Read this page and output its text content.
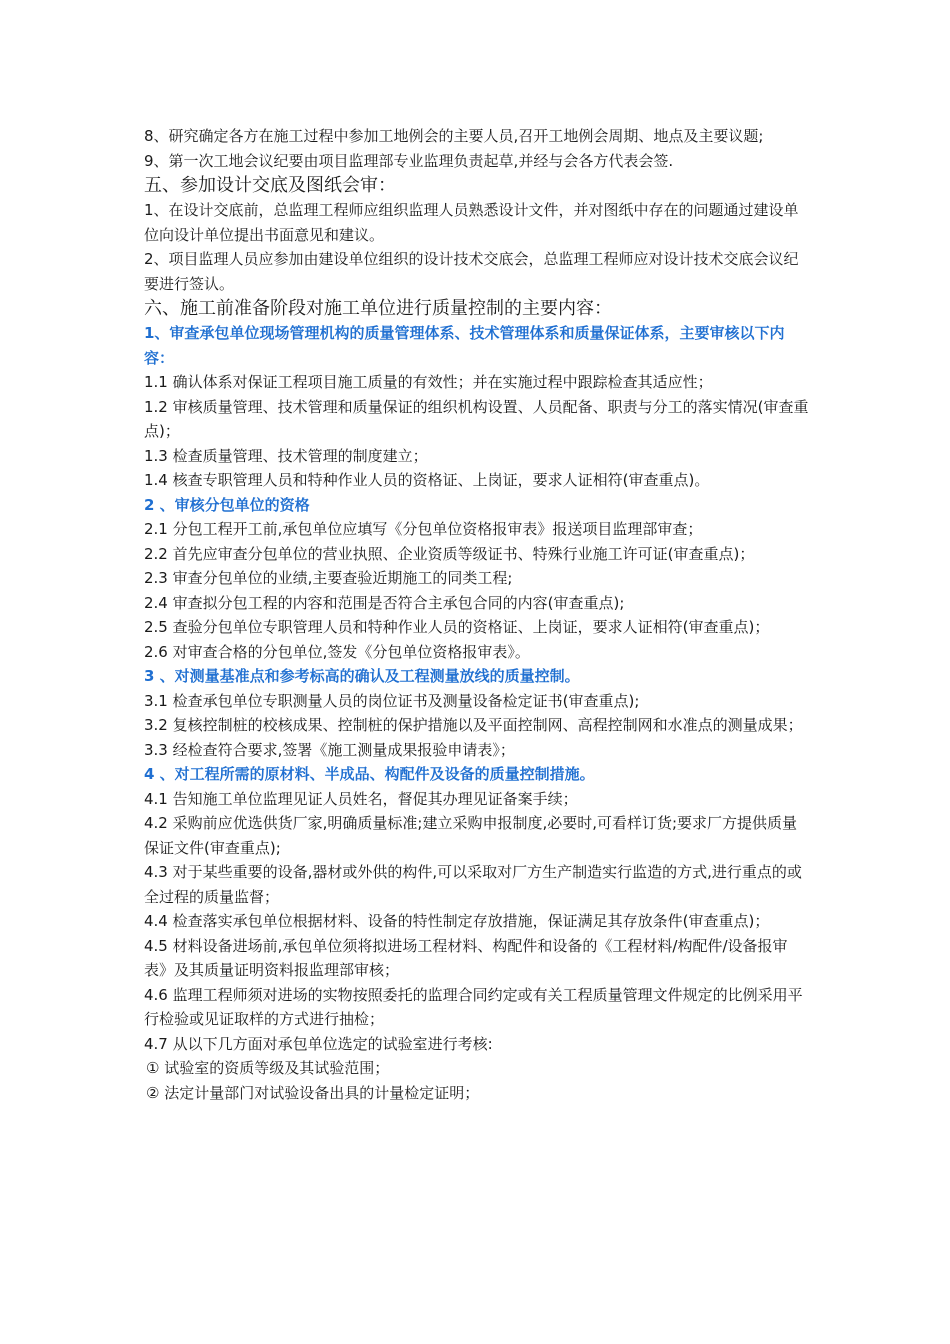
8、研究确定各方在施工过程中参加工地例会的主要人员,召开工地例会周期、地点及主要议题;

9、第一次工地会议纪要由项目监理部专业监理负责起草,并经与会各方代表会签.

五、参加设计交底及图纸会审：

1、在设计交底前，总监理工程师应组织监理人员熟悉设计文件，并对图纸中存在的问题通过建设单位向设计单位提出书面意见和建议。

2、项目监理人员应参加由建设单位组织的设计技术交底会，总监理工程师应对设计技术交底会议纪要进行签认。

六、施工前准备阶段对施工单位进行质量控制的主要内容：

1、审查承包单位现场管理机构的质量管理体系、技术管理体系和质量保证体系，主要审核以下内容：

1.1 确认体系对保证工程项目施工质量的有效性；并在实施过程中跟踪检查其适应性；

1.2 审核质量管理、技术管理和质量保证的组织机构设置、人员配备、职责与分工的落实情况(审查重点)；

1.3 检查质量管理、技术管理的制度建立；

1.4 核查专职管理人员和特种作业人员的资格证、上岗证，要求人证相符(审查重点)。

2 、审核分包单位的资格

2.1 分包工程开工前,承包单位应填写《分包单位资格报审表》报送项目监理部审查；

2.2 首先应审查分包单位的营业执照、企业资质等级证书、特殊行业施工许可证(审查重点)；

2.3 审查分包单位的业绩,主要查验近期施工的同类工程;

2.4 审查拟分包工程的内容和范围是否符合主承包合同的内容(审查重点);

2.5 查验分包单位专职管理人员和特种作业人员的资格证、上岗证，要求人证相符(审查重点)；

2.6 对审查合格的分包单位,签发《分包单位资格报审表》。

3 、对测量基准点和参考标高的确认及工程测量放线的质量控制。

3.1 检查承包单位专职测量人员的岗位证书及测量设备检定证书(审查重点);

3.2 复核控制桩的校核成果、控制桩的保护措施以及平面控制网、高程控制网和水准点的测量成果；

3.3 经检查符合要求,签署《施工测量成果报验申请表》；

4 、对工程所需的原材料、半成品、构配件及设备的质量控制措施。

4.1 告知施工单位监理见证人员姓名，督促其办理见证备案手续；

4.2 采购前应优选供货厂家,明确质量标准;建立采购申报制度,必要时,可看样订货;要求厂方提供质量保证文件(审查重点);

4.3 对于某些重要的设备,器材或外供的构件,可以采取对厂方生产制造实行监造的方式,进行重点的或全过程的质量监督；

4.4 检查落实承包单位根据材料、设备的特性制定存放措施，保证满足其存放条件(审查重点)；

4.5 材料设备进场前,承包单位须将拟进场工程材料、构配件和设备的《工程材料/构配件/设备报审表》及其质量证明资料报监理部审核；

4.6 监理工程师须对进场的实物按照委托的监理合同约定或有关工程质量管理文件规定的比例采用平行检验或见证取样的方式进行抽检；

4.7 从以下几方面对承包单位选定的试验室进行考核:

① 试验室的资质等级及其试验范围；

② 法定计量部门对试验设备出具的计量检定证明；
